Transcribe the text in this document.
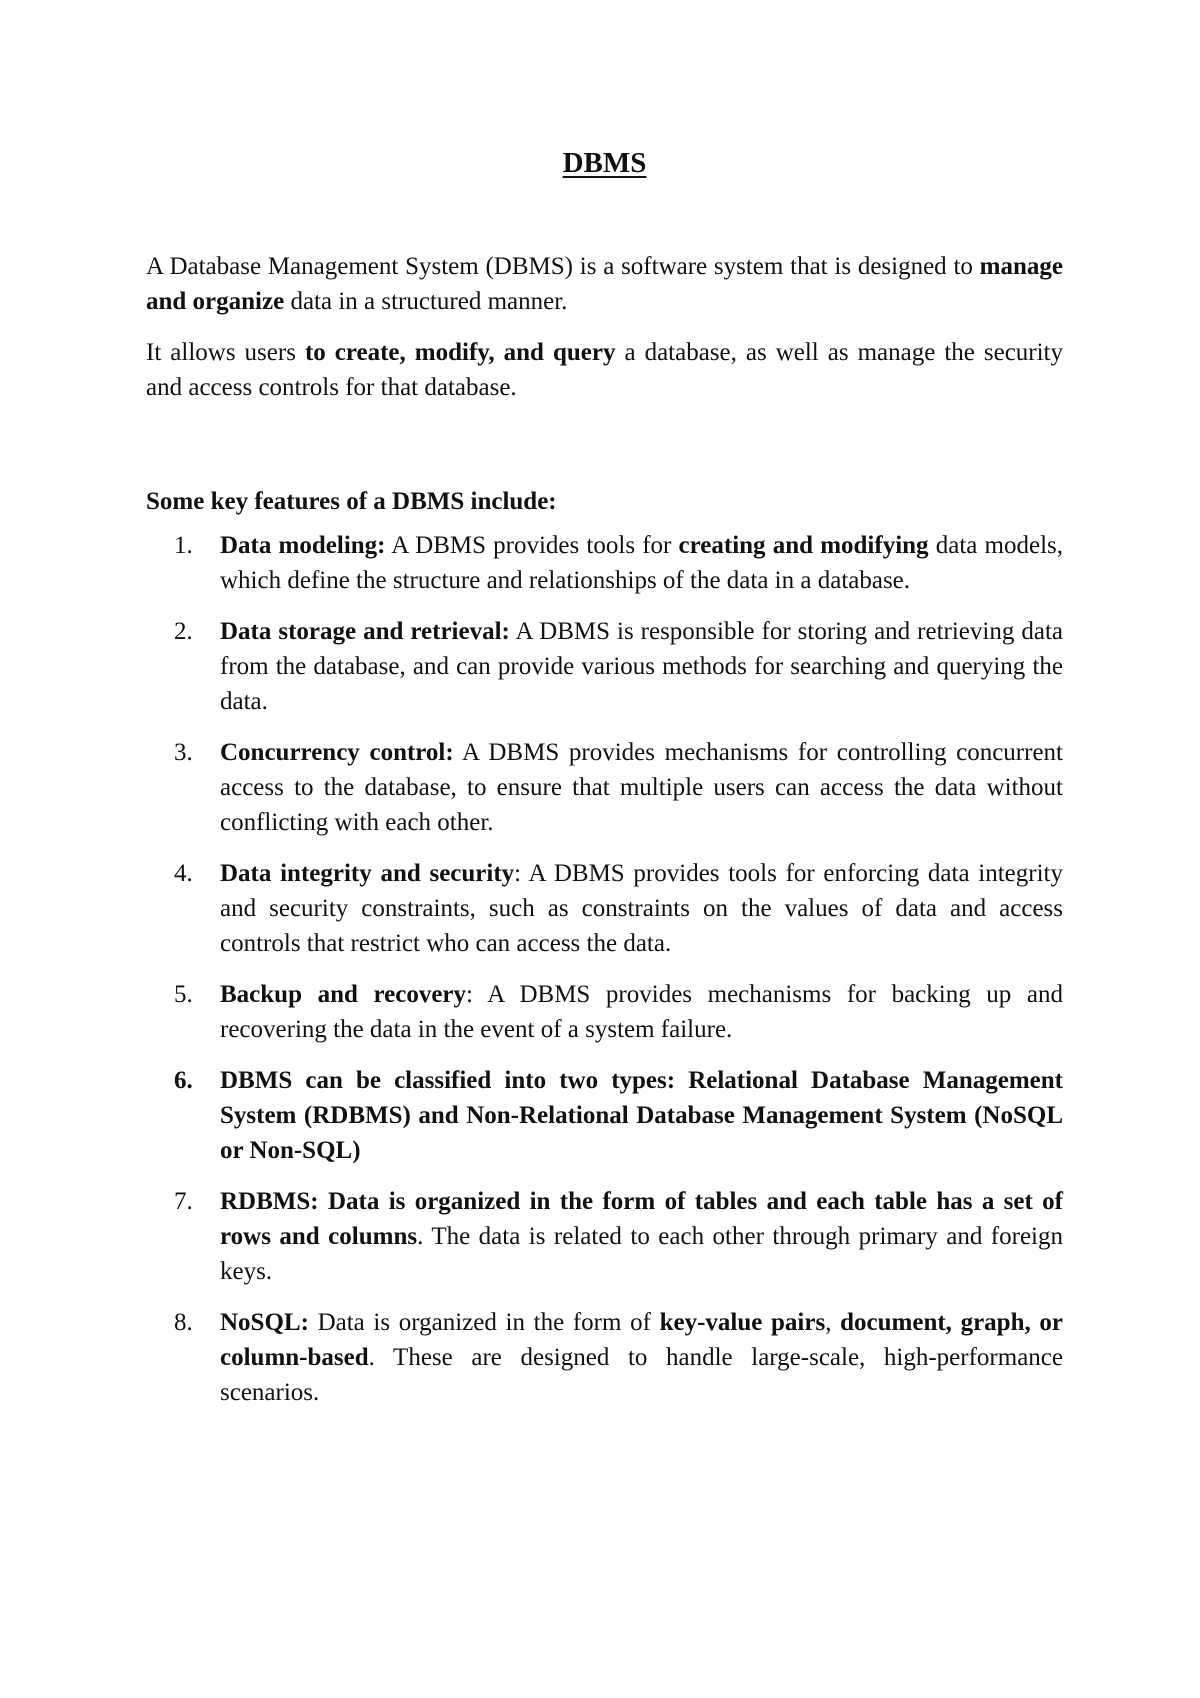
DBMS

A Database Management System (DBMS) is a software system that is designed to manage and organize data in a structured manner.

It allows users to create, modify, and query a database, as well as manage the security and access controls for that database.

Some key features of a DBMS include:
1. Data modeling: A DBMS provides tools for creating and modifying data models, which define the structure and relationships of the data in a database.
2. Data storage and retrieval: A DBMS is responsible for storing and retrieving data from the database, and can provide various methods for searching and querying the data.
3. Concurrency control: A DBMS provides mechanisms for controlling concurrent access to the database, to ensure that multiple users can access the data without conflicting with each other.
4. Data integrity and security: A DBMS provides tools for enforcing data integrity and security constraints, such as constraints on the values of data and access controls that restrict who can access the data.
5. Backup and recovery: A DBMS provides mechanisms for backing up and recovering the data in the event of a system failure.
6. DBMS can be classified into two types: Relational Database Management System (RDBMS) and Non-Relational Database Management System (NoSQL or Non-SQL)
7. RDBMS: Data is organized in the form of tables and each table has a set of rows and columns. The data is related to each other through primary and foreign keys.
8. NoSQL: Data is organized in the form of key-value pairs, document, graph, or column-based. These are designed to handle large-scale, high-performance scenarios.
